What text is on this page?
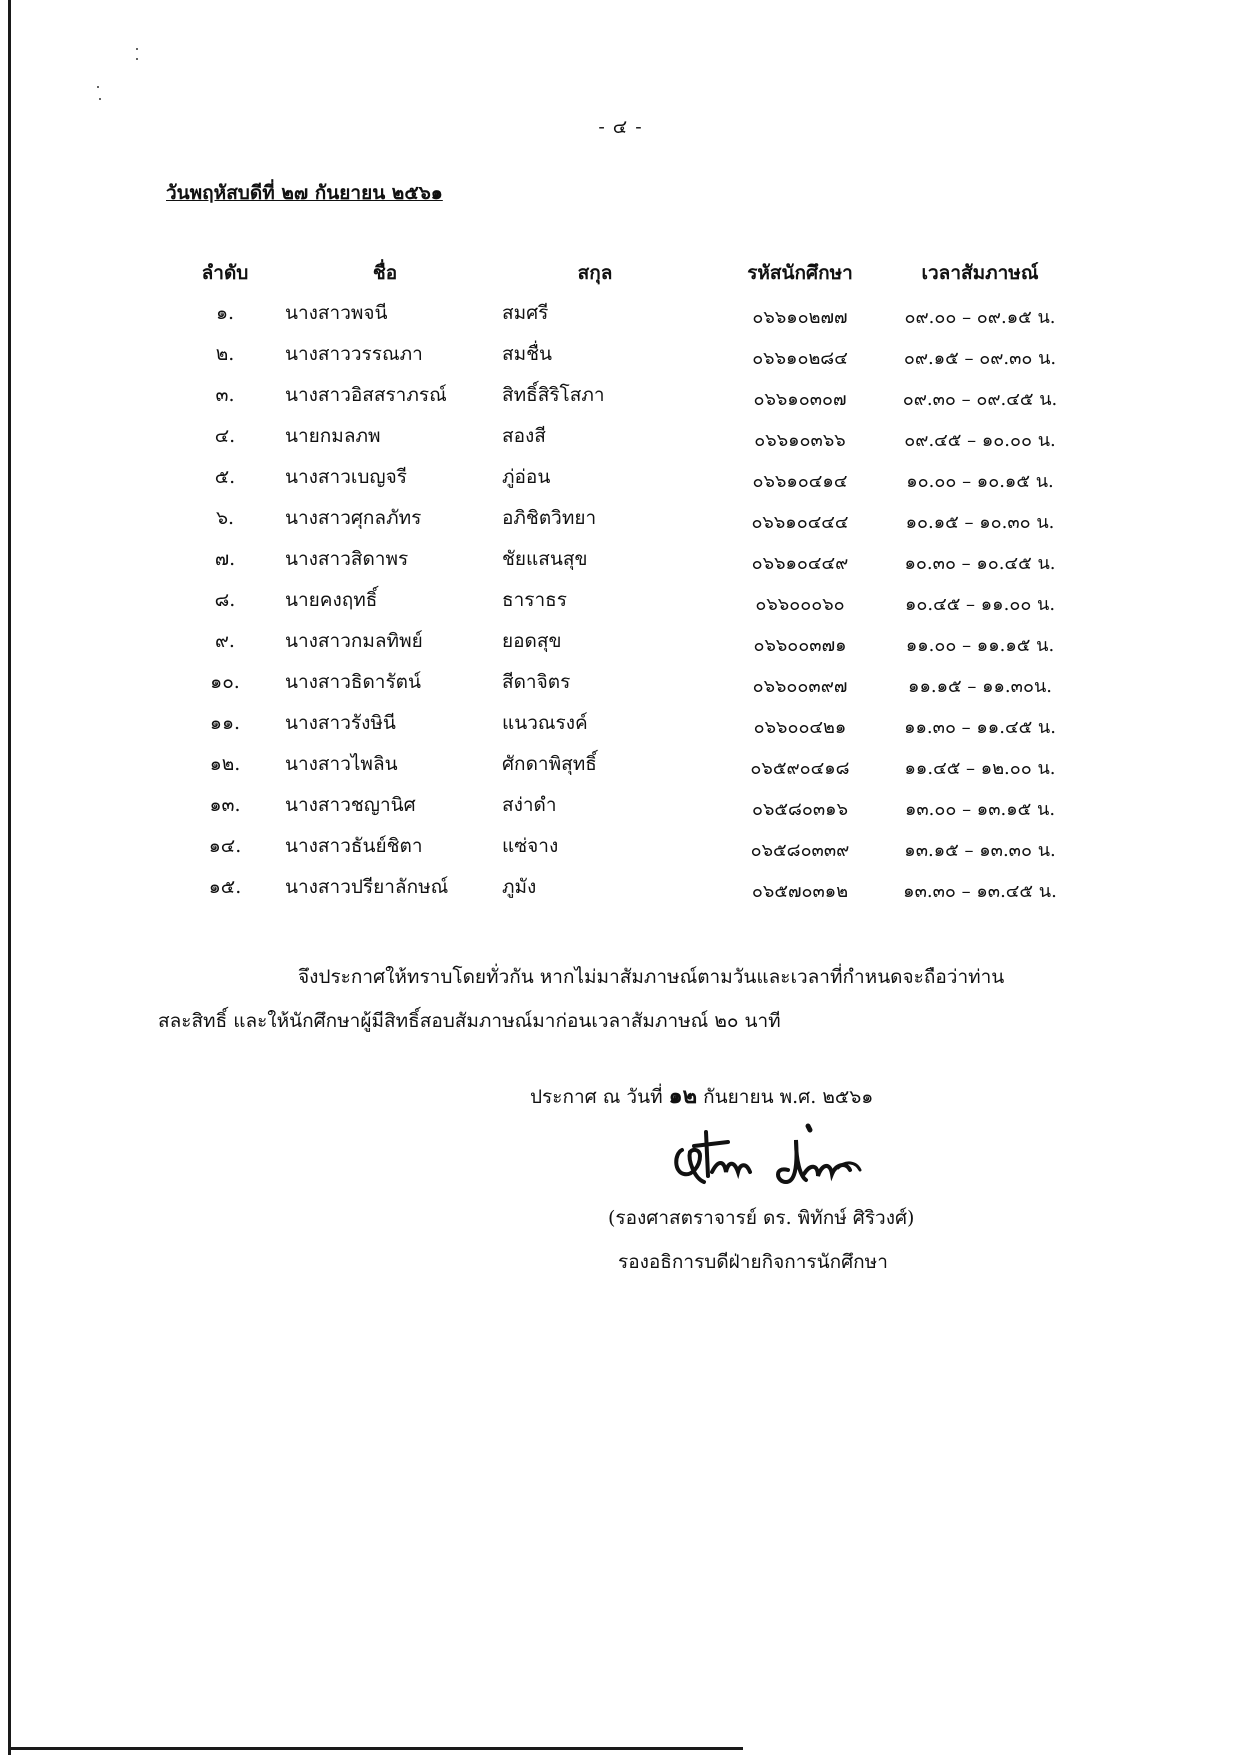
- ๔ -
วันพฤหัสบดีที่ ๒๗ กันยายน ๒๕๖๑
ลำดับ	ชื่อ	สกุล	รหัสนักศึกษา	เวลาสัมภาษณ์
๑.	นางสาวพจนี	สมศรี	๐๖๖๑๐๒๗๗	๐๙.๐๐ – ๐๙.๑๕ น.
๒.	นางสาววรรณภา	สมชื่น	๐๖๖๑๐๒๘๔	๐๙.๑๕ – ๐๙.๓๐ น.
๓.	นางสาวอิสสราภรณ์	สิทธิ์สิริโสภา	๐๖๖๑๐๓๐๗	๐๙.๓๐ – ๐๙.๔๕ น.
๔.	นายกมลภพ	สองสี	๐๖๖๑๐๓๖๖	๐๙.๔๕ – ๑๐.๐๐ น.
๕.	นางสาวเบญจรี	ภู่อ่อน	๐๖๖๑๐๔๑๔	๑๐.๐๐ – ๑๐.๑๕ น.
๖.	นางสาวศุกลภัทร	อภิชิตวิทยา	๐๖๖๑๐๔๔๔	๑๐.๑๕ – ๑๐.๓๐ น.
๗.	นางสาวสิดาพร	ชัยแสนสุข	๐๖๖๑๐๔๔๙	๑๐.๓๐ – ๑๐.๔๕ น.
๘.	นายคงฤทธิ์	ธาราธร	๐๖๖๐๐๐๖๐	๑๐.๔๕ – ๑๑.๐๐ น.
๙.	นางสาวกมลทิพย์	ยอดสุข	๐๖๖๐๐๓๗๑	๑๑.๐๐ – ๑๑.๑๕ น.
๑๐.	นางสาวธิดารัตน์	สีดาจิตร	๐๖๖๐๐๓๙๗	๑๑.๑๕ – ๑๑.๓๐น.
๑๑.	นางสาวรังษินี	แนวณรงค์	๐๖๖๐๐๔๒๑	๑๑.๓๐ – ๑๑.๔๕ น.
๑๒.	นางสาวไพลิน	ศักดาพิสุทธิ์	๐๖๕๙๐๔๑๘	๑๑.๔๕ – ๑๒.๐๐ น.
๑๓.	นางสาวชญานิศ	สง่าดำ	๐๖๕๘๐๓๑๖	๑๓.๐๐ – ๑๓.๑๕ น.
๑๔.	นางสาวธันย์ชิตา	แซ่จาง	๐๖๕๘๐๓๓๙	๑๓.๑๕ – ๑๓.๓๐ น.
๑๕.	นางสาวปรียาลักษณ์	ภูมัง	๐๖๕๗๐๓๑๒	๑๓.๓๐ – ๑๓.๔๕ น.
จึงประกาศให้ทราบโดยทั่วกัน หากไม่มาสัมภาษณ์ตามวันและเวลาที่กำหนดจะถือว่าท่าน
สละสิทธิ์ และให้นักศึกษาผู้มีสิทธิ์สอบสัมภาษณ์มาก่อนเวลาสัมภาษณ์ ๒๐ นาที
ประกาศ ณ วันที่ ๑๒ กันยายน พ.ศ. ๒๕๖๑
(รองศาสตราจารย์ ดร. พิทักษ์ ศิริวงศ์)
รองอธิการบดีฝ่ายกิจการนักศึกษา
